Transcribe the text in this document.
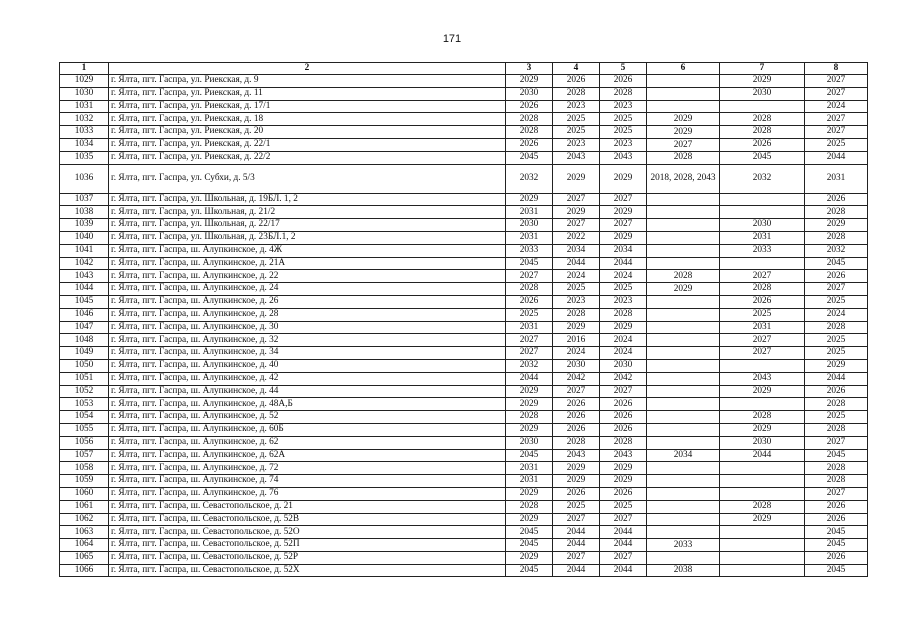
171
1	2	3	4	5	6	7	8
1029	г. Ялта, пгт. Гаспра, ул. Риекская, д. 9	2029	2026	2026		2029	2027
1030	г. Ялта, пгт. Гаспра, ул. Риекская, д. 11	2030	2028	2028		2030	2027
1031	г. Ялта, пгт. Гаспра, ул. Риекская, д. 17/1	2026	2023	2023			2024
1032	г. Ялта, пгт. Гаспра, ул. Риекская, д. 18	2028	2025	2025	2029	2028	2027
1033	г. Ялта, пгт. Гаспра, ул. Риекская, д. 20	2028	2025	2025	2029	2028	2027
1034	г. Ялта, пгт. Гаспра, ул. Риекская, д. 22/1	2026	2023	2023	2027	2026	2025
1035	г. Ялта, пгт. Гаспра, ул. Риекская, д. 22/2	2045	2043	2043	2028	2045	2044
1036	г. Ялта, пгт. Гаспра, ул. Субхи, д. 5/3	2032	2029	2029	2018, 2028, 2043	2032	2031
1037	г. Ялта, пгт. Гаспра, ул. Школьная, д. 19БЛ. 1, 2	2029	2027	2027			2026
1038	г. Ялта, пгт. Гаспра, ул. Школьная, д. 21/2	2031	2029	2029			2028
1039	г. Ялта, пгт. Гаспра, ул. Школьная, д. 22/17	2030	2027	2027		2030	2029
1040	г. Ялта, пгт. Гаспра, ул. Школьная, д. 23БЛ.1, 2	2031	2022	2029		2031	2028
1041	г. Ялта, пгт. Гаспра, ш. Алупкинское, д. 4Ж	2033	2034	2034		2033	2032
1042	г. Ялта, пгт. Гаспра, ш. Алупкинское, д. 21А	2045	2044	2044			2045
1043	г. Ялта, пгт. Гаспра, ш. Алупкинское, д. 22	2027	2024	2024	2028	2027	2026
1044	г. Ялта, пгт. Гаспра, ш. Алупкинское, д. 24	2028	2025	2025	2029	2028	2027
1045	г. Ялта, пгт. Гаспра, ш. Алупкинское, д. 26	2026	2023	2023		2026	2025
1046	г. Ялта, пгт. Гаспра, ш. Алупкинское, д. 28	2025	2028	2028		2025	2024
1047	г. Ялта, пгт. Гаспра, ш. Алупкинское, д. 30	2031	2029	2029		2031	2028
1048	г. Ялта, пгт. Гаспра, ш. Алупкинское, д. 32	2027	2016	2024		2027	2025
1049	г. Ялта, пгт. Гаспра, ш. Алупкинское, д. 34	2027	2024	2024		2027	2025
1050	г. Ялта, пгт. Гаспра, ш. Алупкинское, д. 40	2032	2030	2030			2029
1051	г. Ялта, пгт. Гаспра, ш. Алупкинское, д. 42	2044	2042	2042		2043	2044
1052	г. Ялта, пгт. Гаспра, ш. Алупкинское, д. 44	2029	2027	2027		2029	2026
1053	г. Ялта, пгт. Гаспра, ш. Алупкинское, д. 48А,Б	2029	2026	2026			2028
1054	г. Ялта, пгт. Гаспра, ш. Алупкинское, д. 52	2028	2026	2026		2028	2025
1055	г. Ялта, пгт. Гаспра, ш. Алупкинское, д. 60Б	2029	2026	2026		2029	2028
1056	г. Ялта, пгт. Гаспра, ш. Алупкинское, д. 62	2030	2028	2028		2030	2027
1057	г. Ялта, пгт. Гаспра, ш. Алупкинское, д. 62А	2045	2043	2043	2034	2044	2045
1058	г. Ялта, пгт. Гаспра, ш. Алупкинское, д. 72	2031	2029	2029			2028
1059	г. Ялта, пгт. Гаспра, ш. Алупкинское, д. 74	2031	2029	2029			2028
1060	г. Ялта, пгт. Гаспра, ш. Алупкинское, д. 76	2029	2026	2026			2027
1061	г. Ялта, пгт. Гаспра, ш. Севастопольское, д. 21	2028	2025	2025		2028	2026
1062	г. Ялта, пгт. Гаспра, ш. Севастопольское, д. 52В	2029	2027	2027		2029	2026
1063	г. Ялта, пгт. Гаспра, ш. Севастопольское, д. 52О	2045	2044	2044			2045
1064	г. Ялта, пгт. Гаспра, ш. Севастопольское, д. 52П	2045	2044	2044	2033		2045
1065	г. Ялта, пгт. Гаспра, ш. Севастопольское, д. 52Р	2029	2027	2027			2026
1066	г. Ялта, пгт. Гаспра, ш. Севастопольское, д. 52Х	2045	2044	2044	2038		2045
